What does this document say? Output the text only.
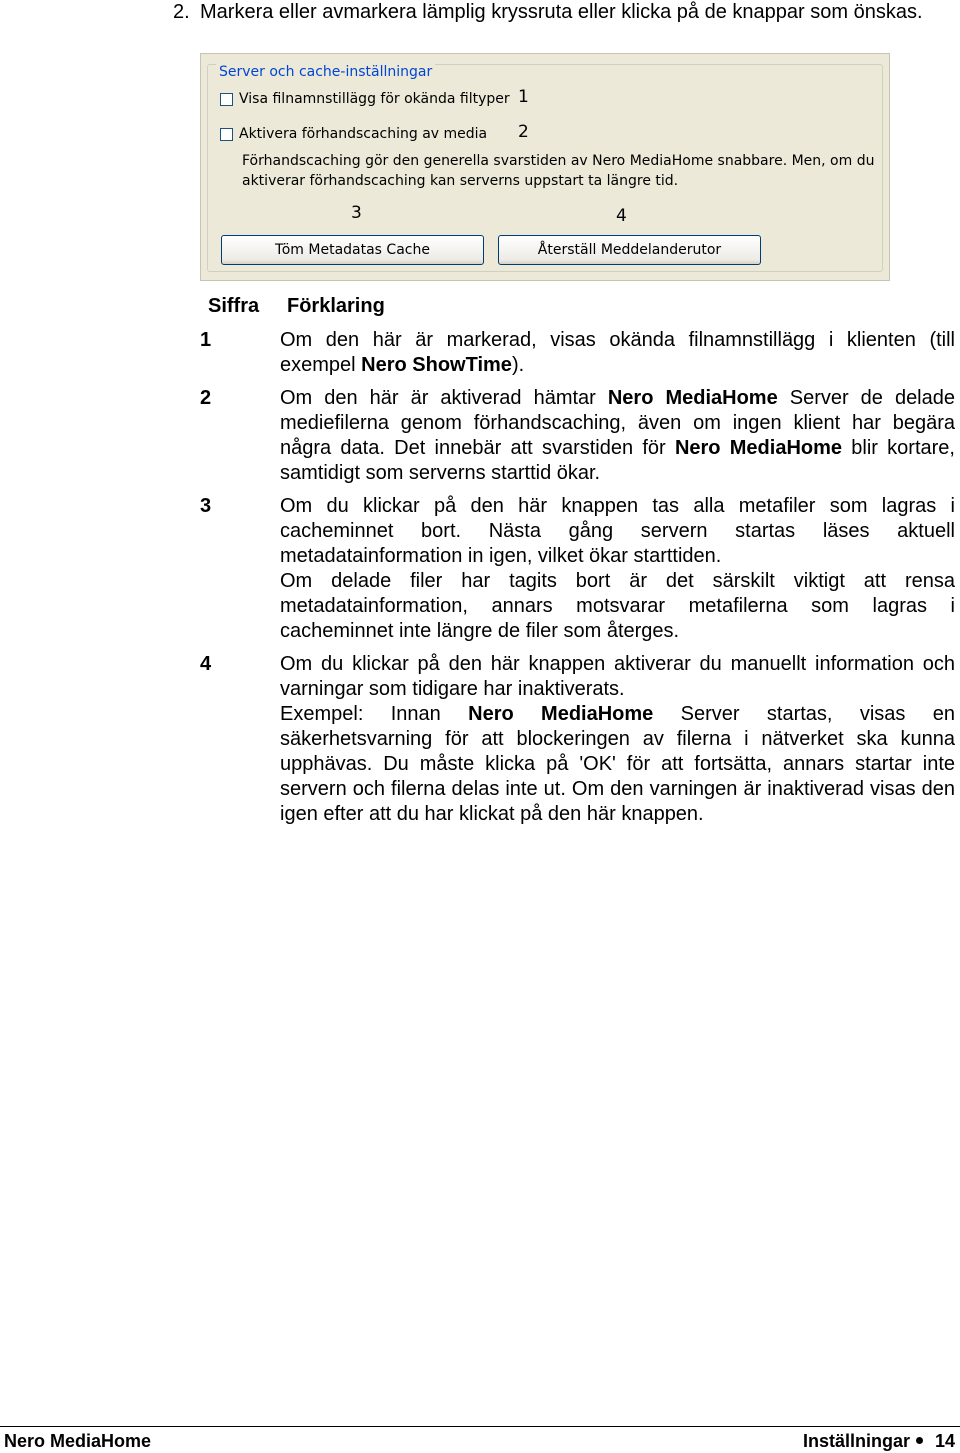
2. Markera eller avmarkera lämplig kryssruta eller klicka på de knappar som önskas.
Server och cache-inställningar
Visa filnamnstillägg för okända filtyper 1
Aktivera förhandscaching av media 2
Förhandscaching gör den generella svarstiden av Nero MediaHome snabbare. Men, om du aktiverar förhandscaching kan serverns uppstart ta längre tid.
3	4
Töm Metadatas Cache	Återställ Meddelanderutor
Siffra Förklaring
1	Om den här är markerad, visas okända filnamnstillägg i klienten (till exempel Nero ShowTime).

2	Om den här är aktiverad hämtar Nero MediaHome Server de delade mediefilerna genom förhandscaching, även om ingen klient har begära några data. Det innebär att svarstiden för Nero MediaHome blir kortare, samtidigt som serverns starttid ökar.

3	Om du klickar på den här knappen tas alla metafiler som lagras i cacheminnet bort. Nästa gång servern startas läses aktuell metadatainformation in igen, vilket ökar starttiden.

Om delade filer har tagits bort är det särskilt viktigt att rensa metadatainformation, annars motsvarar metafilerna som lagras i cacheminnet inte längre de filer som återges.

4	Om du klickar på den här knappen aktiverar du manuellt information och varningar som tidigare har inaktiverats.

Exempel: Innan Nero MediaHome Server startas, visas en säkerhetsvarning för att blockeringen av filerna i nätverket ska kunna upphävas. Du måste klicka på 'OK' för att fortsätta, annars startar inte servern och filerna delas inte ut. Om den varningen är inaktiverad visas den igen efter att du har klickat på den här knappen.

Nero MediaHome	Inställningar 14
